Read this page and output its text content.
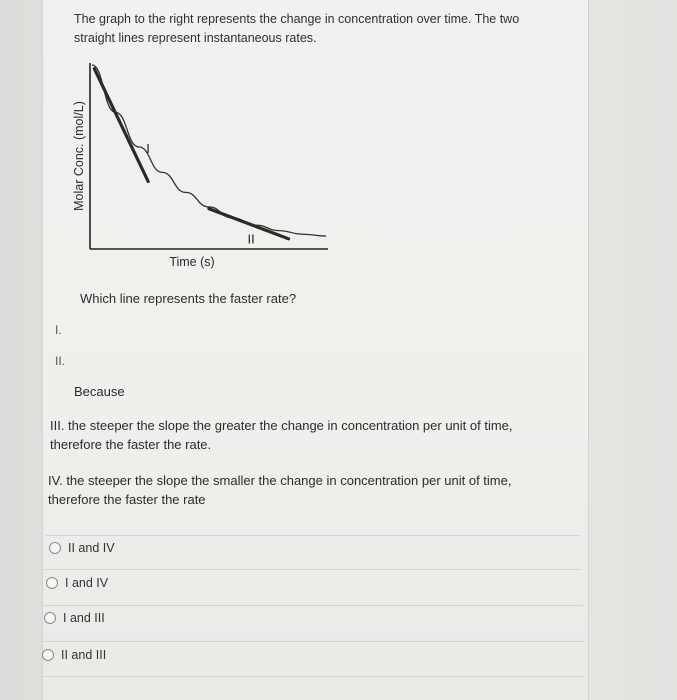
The graph to the right represents the change in concentration over time. The two
straight lines represent instantaneous rates.
I
II
Molar Conc. (mol/L)
Time (s)
Which line represents the faster rate?
I.
II.
Because
III. the steeper the slope the greater the change in concentration per unit of time,
therefore the faster the rate.
IV. the steeper the slope the smaller the change in concentration per unit of time,
therefore the faster the rate
II and IV
I and IV
I and III
II and III
